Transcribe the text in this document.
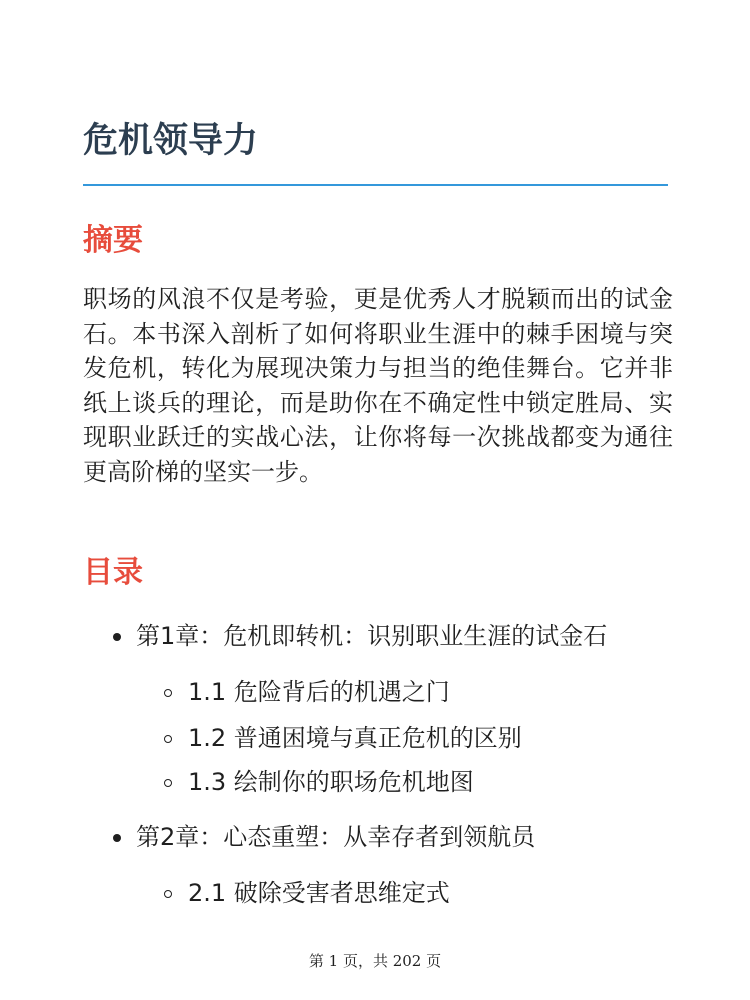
危机领导力
摘要

职场的风浪不仅是考验，更是优秀人才脱颖而出的试金石。本书深入剖析了如何将职业生涯中的棘手困境与突发危机，转化为展现决策力与担当的绝佳舞台。它并非纸上谈兵的理论，而是助你在不确定性中锁定胜局、实现职业跃迁的实战心法，让你将每一次挑战都变为通往更高阶梯的坚实一步。

目录
第1章：危机即转机：识别职业生涯的试金石
1.1 危险背后的机遇之门
1.2 普通困境与真正危机的区别
1.3 绘制你的职场危机地图
第2章：心态重塑：从幸存者到领航员
2.1 破除受害者思维定式
第 1 页，共 202 页
